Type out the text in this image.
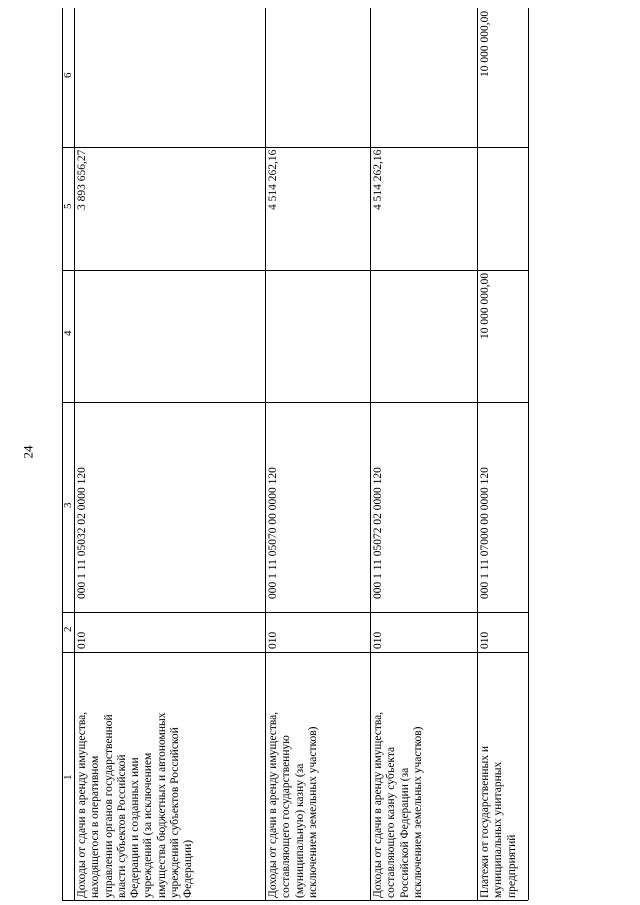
24
1
2
3
4
5
6
Доходы от сдачи в аренду имущества,
находящегося в оперативном
управлении органов государственной
власти субъектов Российской
Федерации и созданных ими
учреждений (за исключением
имущества бюджетных и автономных
учреждений субъектов Российской
Федерации)
010
000 1 11 05032 02 0000 120
3 893 656,27
Доходы от сдачи в аренду имущества,
составляющего государственную
(муниципальную) казну (за
исключением земельных участков)
010
000 1 11 05070 00 0000 120
4 514 262,16
Доходы от сдачи в аренду имущества,
составляющего казну субъекта
Российской Федерации (за
исключением земельных участков)
010
000 1 11 05072 02 0000 120
4 514 262,16
Платежи от государственных и
муниципальных унитарных
предприятий
010
000 1 11 07000 00 0000 120
10 000 000,00
10 000 000,00
